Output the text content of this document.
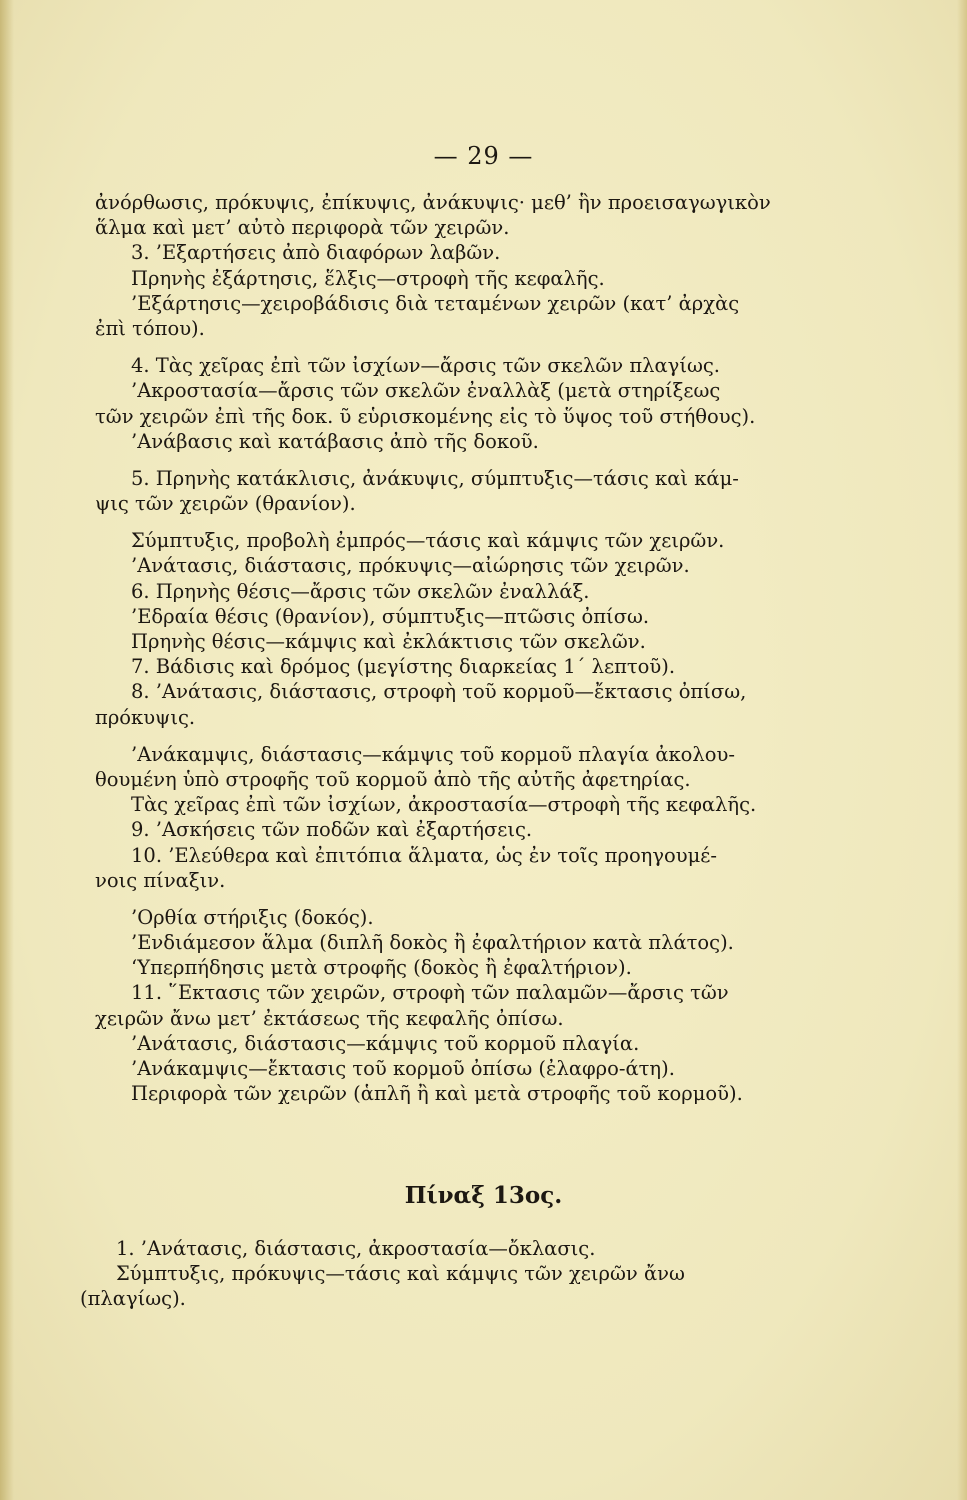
— 29 —
ἀνόρθωσις, πρόκυψις, ἐπίκυψις, ἀνάκυψις· μεθ’ ἣν προεισαγωγικὸν
ἅλμα καὶ μετ’ αὐτὸ περιφορὰ τῶν χειρῶν.
3. ’Εξαρτήσεις ἀπὸ διαφόρων λαβῶν.
Πρηνὴς ἐξάρτησις, ἕλξις—στροφὴ τῆς κεφαλῆς.
’Εξάρτησις—χειροβάδισις διὰ τεταμένων χειρῶν (κατ’ ἀρχὰς
ἐπὶ τόπου).
4. Τὰς χεῖρας ἐπὶ τῶν ἰσχίων—ἄρσις τῶν σκελῶν πλαγίως.
’Ακροστασία—ἄρσις τῶν σκελῶν ἐναλλὰξ (μετὰ στηρίξεως
τῶν χειρῶν ἐπὶ τῆς δοκ. ῦ εὑρισκομένης εἰς τὸ ὕψος τοῦ στήθους).
’Ανάβασις καὶ κατάβασις ἀπὸ τῆς δοκοῦ.
5. Πρηνὴς κατάκλισις, ἀνάκυψις, σύμπτυξις—τάσις καὶ κάμ-
ψις τῶν χειρῶν (θρανίον).
Σύμπτυξις, προβολὴ ἐμπρός—τάσις καὶ κάμψις τῶν χειρῶν.
’Ανάτασις, διάστασις, πρόκυψις—αἰώρησις τῶν χειρῶν.
6. Πρηνὴς θέσις—ἄρσις τῶν σκελῶν ἐναλλάξ.
’Εδραία θέσις (θρανίον), σύμπτυξις—πτῶσις ὀπίσω.
Πρηνὴς θέσις—κάμψις καὶ ἐκλάκτισις τῶν σκελῶν.
7. Βάδισις καὶ δρόμος (μεγίστης διαρκείας 1΄ λεπτοῦ).
8. ’Ανάτασις, διάστασις, στροφὴ τοῦ κορμοῦ—ἔκτασις ὀπίσω,
πρόκυψις.
’Ανάκαμψις, διάστασις—κάμψις τοῦ κορμοῦ πλαγία ἀκολου-
θουμένη ὑπὸ στροφῆς τοῦ κορμοῦ ἀπὸ τῆς αὐτῆς ἀφετηρίας.
Τὰς χεῖρας ἐπὶ τῶν ἰσχίων, ἀκροστασία—στροφὴ τῆς κεφαλῆς.
9. ’Ασκήσεις τῶν ποδῶν καὶ ἐξαρτήσεις.
10. ’Ελεύθερα καὶ ἐπιτόπια ἅλματα, ὡς ἐν τοῖς προηγουμέ-
νοις πίναξιν.
’Ορθία στήριξις (δοκός).
’Ενδιάμεσον ἅλμα (διπλῆ δοκὸς ἢ ἐφαλτήριον κατὰ πλάτος).
‘Υπερπήδησις μετὰ στροφῆς (δοκὸς ἢ ἐφαλτήριον).
11. ῞Εκτασις τῶν χειρῶν, στροφὴ τῶν παλαμῶν—ἄρσις τῶν
χειρῶν ἄνω μετ’ ἐκτάσεως τῆς κεφαλῆς ὀπίσω.
’Ανάτασις, διάστασις—κάμψις τοῦ κορμοῦ πλαγία.
’Ανάκαμψις—ἔκτασις τοῦ κορμοῦ ὀπίσω (ἐλαφρο-άτη).
Περιφορὰ τῶν χειρῶν (ἁπλῆ ἢ καὶ μετὰ στροφῆς τοῦ κορμοῦ).
Πίναξ 13ος.
1. ’Ανάτασις, διάστασις, ἀκροστασία—ὄκλασις.
Σύμπτυξις, πρόκυψις—τάσις καὶ κάμψις τῶν χειρῶν ἄνω
(πλαγίως).
